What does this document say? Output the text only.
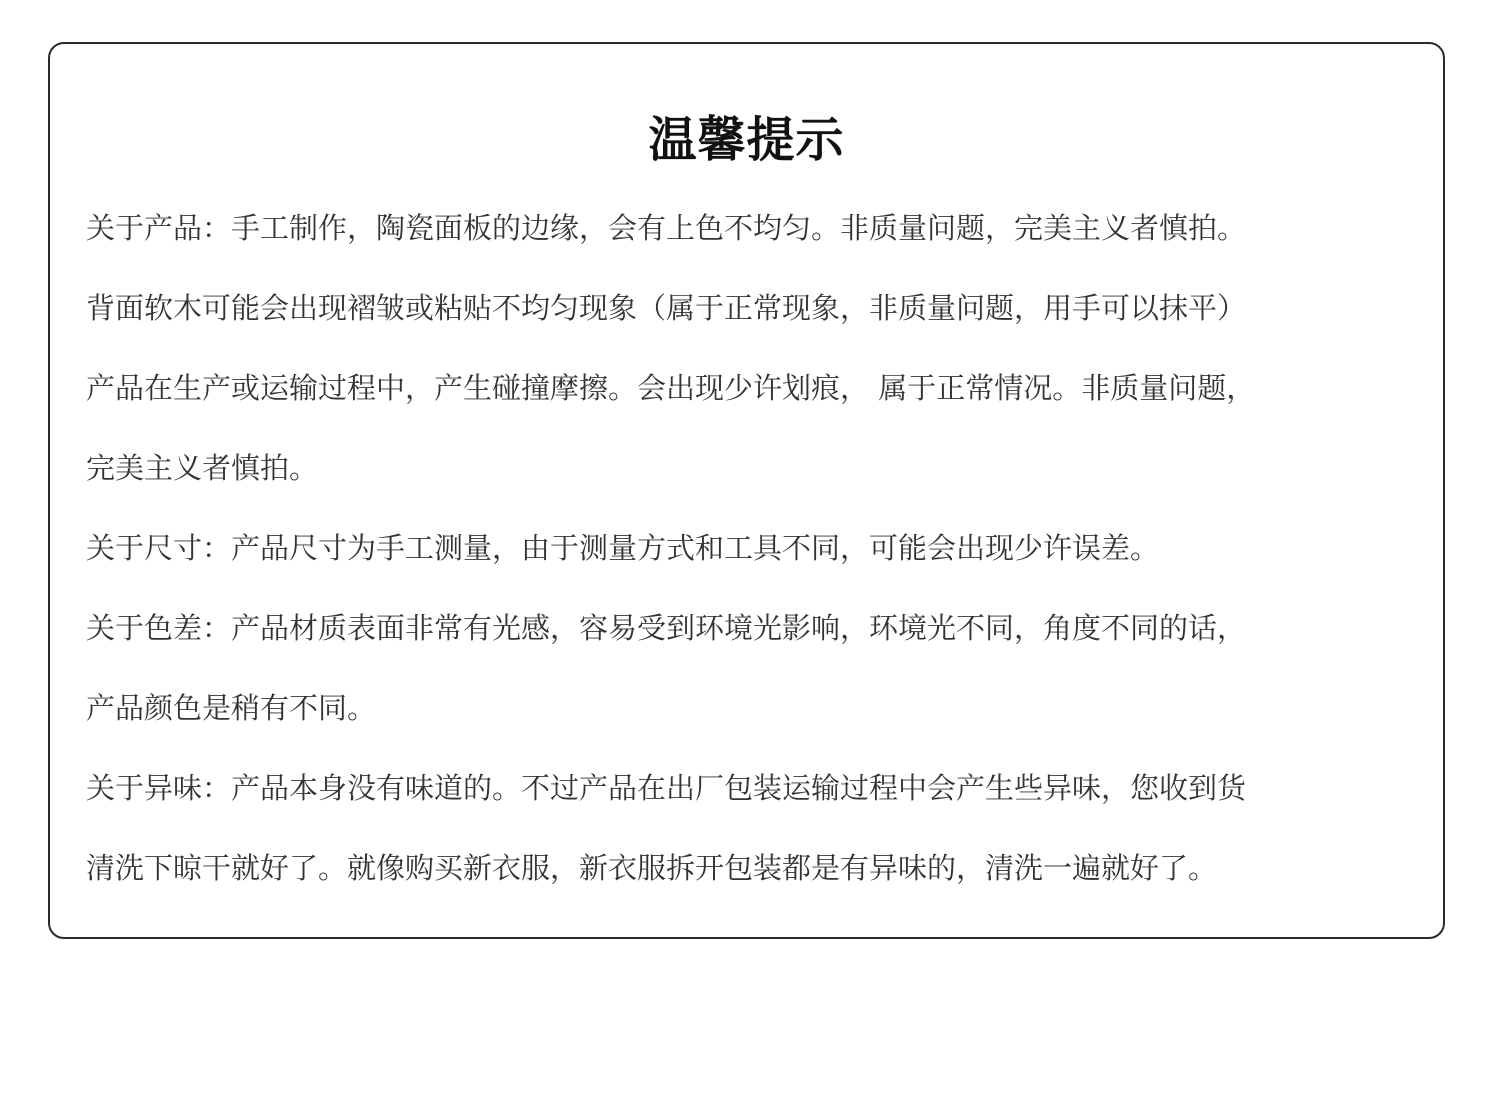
温馨提示
关于产品：手工制作，陶瓷面板的边缘，会有上色不均匀。非质量问题，完美主义者慎拍。
背面软木可能会出现褶皱或粘贴不均匀现象（属于正常现象，非质量问题，用手可以抹平）
产品在生产或运输过程中，产生碰撞摩擦。会出现少许划痕， 属于正常情况。非质量问题，
完美主义者慎拍。
关于尺寸：产品尺寸为手工测量，由于测量方式和工具不同，可能会出现少许误差。
关于色差：产品材质表面非常有光感，容易受到环境光影响，环境光不同，角度不同的话，
产品颜色是稍有不同。
关于异味：产品本身没有味道的。不过产品在出厂包装运输过程中会产生些异味，您收到货
清洗下晾干就好了。就像购买新衣服，新衣服拆开包装都是有异味的，清洗一遍就好了。
